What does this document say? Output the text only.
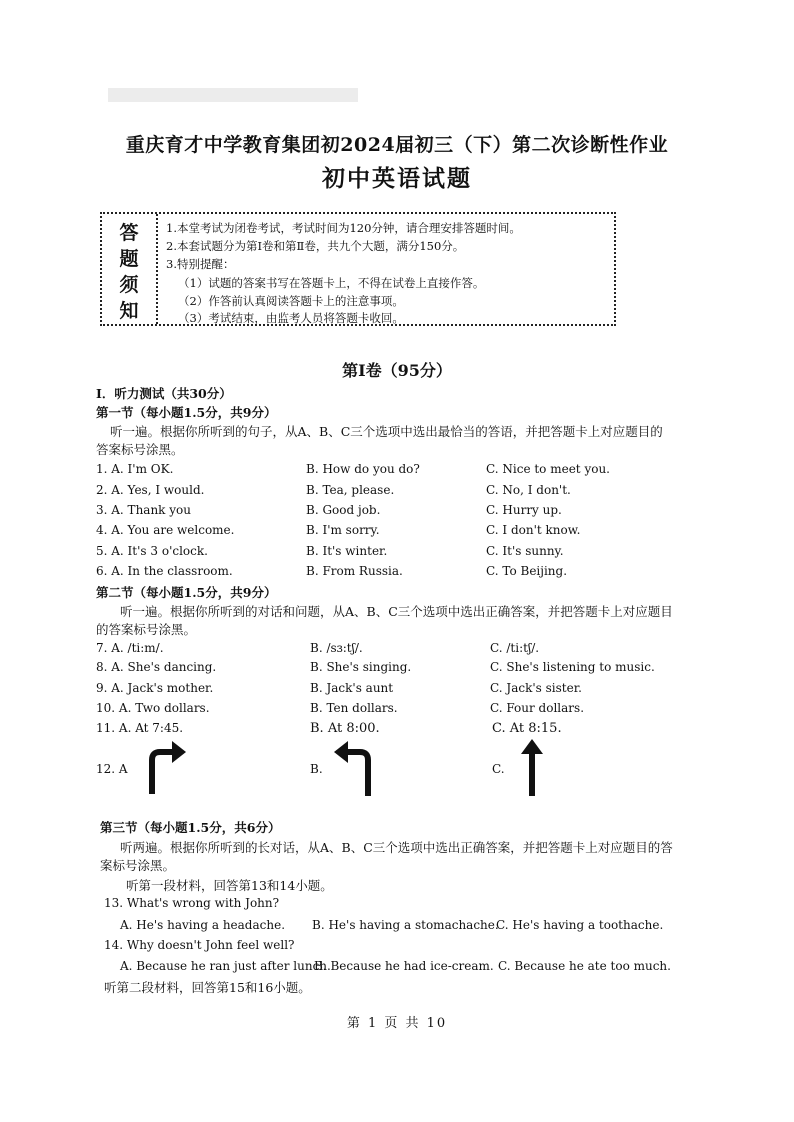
重庆育才中学教育集团初2024届初三（下）第二次诊断性作业
初中英语试题
答
题
须
知
1.本堂考试为闭卷考试，考试时间为120分钟，请合理安排答题时间。
2.本套试题分为第Ⅰ卷和第Ⅱ卷，共九个大题，满分150分。
3.特别提醒：
（1）试题的答案书写在答题卡上，不得在试卷上直接作答。
（2）作答前认真阅读答题卡上的注意事项。
（3）考试结束，由监考人员将答题卡收回。
第Ⅰ卷（95分）
Ⅰ．听力测试（共30分）
第一节（每小题1.5分，共9分）
听一遍。根据你所听到的句子，从A、B、C三个选项中选出最恰当的答语，并把答题卡上对应题目的
答案标号涂黑。
1. A. I'm OK.	B. How do you do?	C. Nice to meet you.
2. A. Yes, I would.	B. Tea, please.	C. No, I don't.
3. A. Thank you	B. Good job.	C. Hurry up.
4. A. You are welcome.	B. I'm sorry.	C. I don't know.
5. A. It's 3 o'clock.	B. It's winter.	C. It's sunny.
6. A. In the classroom.	B. From Russia.	C. To Beijing.
第二节（每小题1.5分，共9分）
听一遍。根据你所听到的对话和问题，从A、B、C三个选项中选出正确答案，并把答题卡上对应题目
的答案标号涂黑。
7. A. /ti:m/.	B. /sɜ:tʃ/.	C. /ti:tʃ/.
8. A. She's dancing.	B. She's singing.	C. She's listening to music.
9. A. Jack's mother.	B. Jack's aunt	C. Jack's sister.
10. A. Two dollars.	B. Ten dollars.	C. Four dollars.
11. A. At 7:45.	B. At 8:00.	C. At 8:15.
12. A	B.	C.
第三节（每小题1.5分，共6分）
听两遍。根据你所听到的长对话，从A、B、C三个选项中选出正确答案，并把答题卡上对应题目的答
案标号涂黑。
听第一段材料，回答第13和14小题。
13. What's wrong with John?
A. He's having a headache. B. He's having a stomachache.
C. He's having a toothache.
14. Why doesn't John feel well?
A. Because he ran just after lunch.
B. Because he had ice-cream. C. Because he ate too much.
听第二段材料，回答第15和16小题。
第 1 页 共 10
